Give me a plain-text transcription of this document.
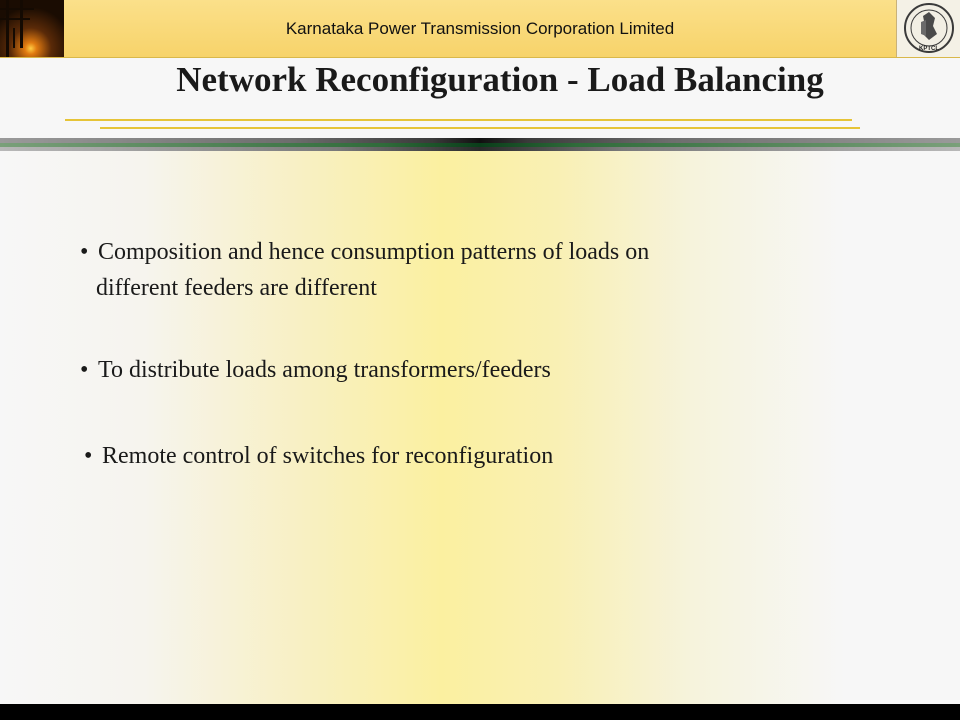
Karnataka Power Transmission Corporation Limited
KPTCL
Network Reconfiguration - Load Balancing
• Composition and hence consumption patterns of loads on
different feeders are different
• To distribute loads among transformers/feeders
• Remote control of switches for reconfiguration
